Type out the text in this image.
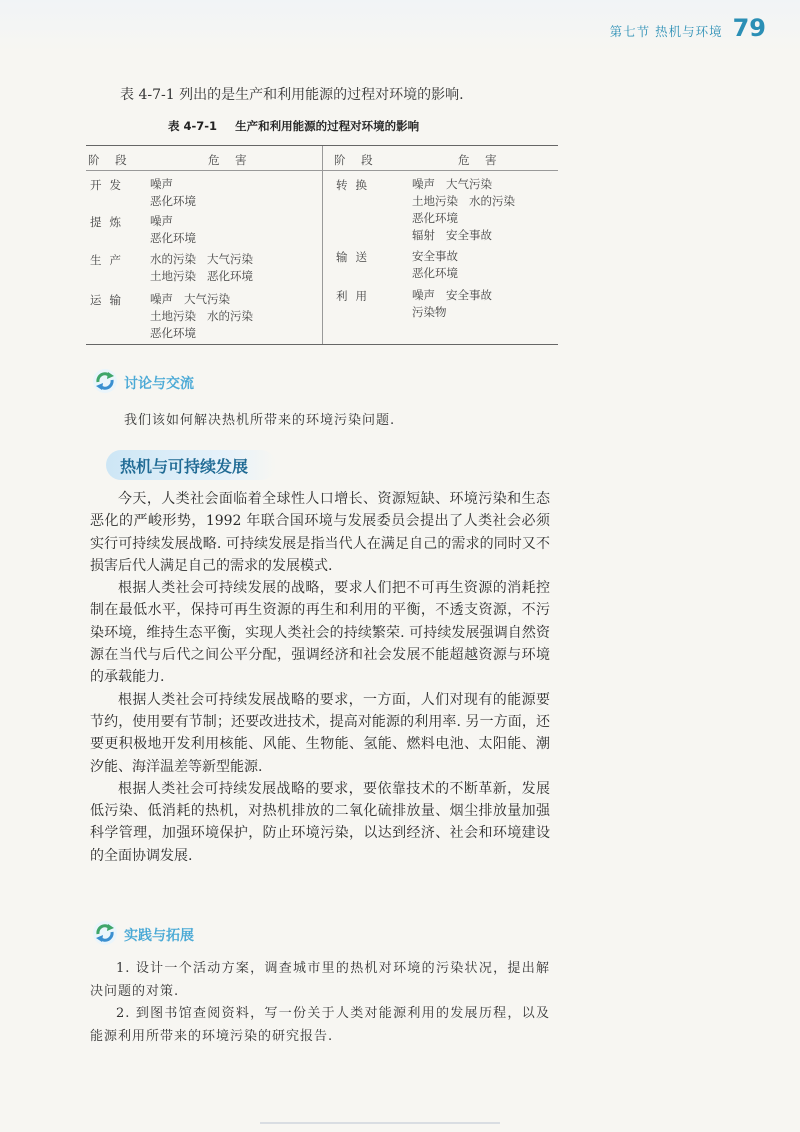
第七节 热机与环境 79
表 4-7-1 列出的是生产和利用能源的过程对环境的影响.
表 4-7-1 生产和利用能源的过程对环境的影响
阶 段	危 害	阶 段	危 害
开发 噪声
恶化环境
提炼 噪声
恶化环境
生产 水的污染   大气污染
土地污染   恶化环境
运输 噪声   大气污染
土地污染   水的污染
恶化环境
转换	噪声   大气污染
土地污染   水的污染
恶化环境
辐射   安全事故
输送	安全事故
恶化环境
利用	噪声   安全事故
污染物
讨论与交流
我们该如何解决热机所带来的环境污染问题.
热机与可持续发展

今天，人类社会面临着全球性人口增长、资源短缺、环境污染和生态恶化的严峻形势，1992 年联合国环境与发展委员会提出了人类社会必须实行可持续发展战略. 可持续发展是指当代人在满足自己的需求的同时又不损害后代人满足自己的需求的发展模式.

根据人类社会可持续发展的战略，要求人们把不可再生资源的消耗控制在最低水平，保持可再生资源的再生和利用的平衡，不透支资源，不污染环境，维持生态平衡，实现人类社会的持续繁荣. 可持续发展强调自然资源在当代与后代之间公平分配，强调经济和社会发展不能超越资源与环境的承载能力.

根据人类社会可持续发展战略的要求，一方面，人们对现有的能源要节约，使用要有节制；还要改进技术，提高对能源的利用率. 另一方面，还要更积极地开发利用核能、风能、生物能、氢能、燃料电池、太阳能、潮汐能、海洋温差等新型能源.

根据人类社会可持续发展战略的要求，要依靠技术的不断革新，发展低污染、低消耗的热机，对热机排放的二氧化硫排放量、烟尘排放量加强科学管理，加强环境保护，防止环境污染，以达到经济、社会和环境建设的全面协调发展.

实践与拓展

1. 设计一个活动方案，调查城市里的热机对环境的污染状况，提出解决问题的对策.

2. 到图书馆查阅资料，写一份关于人类对能源利用的发展历程，以及能源利用所带来的环境污染的研究报告.
